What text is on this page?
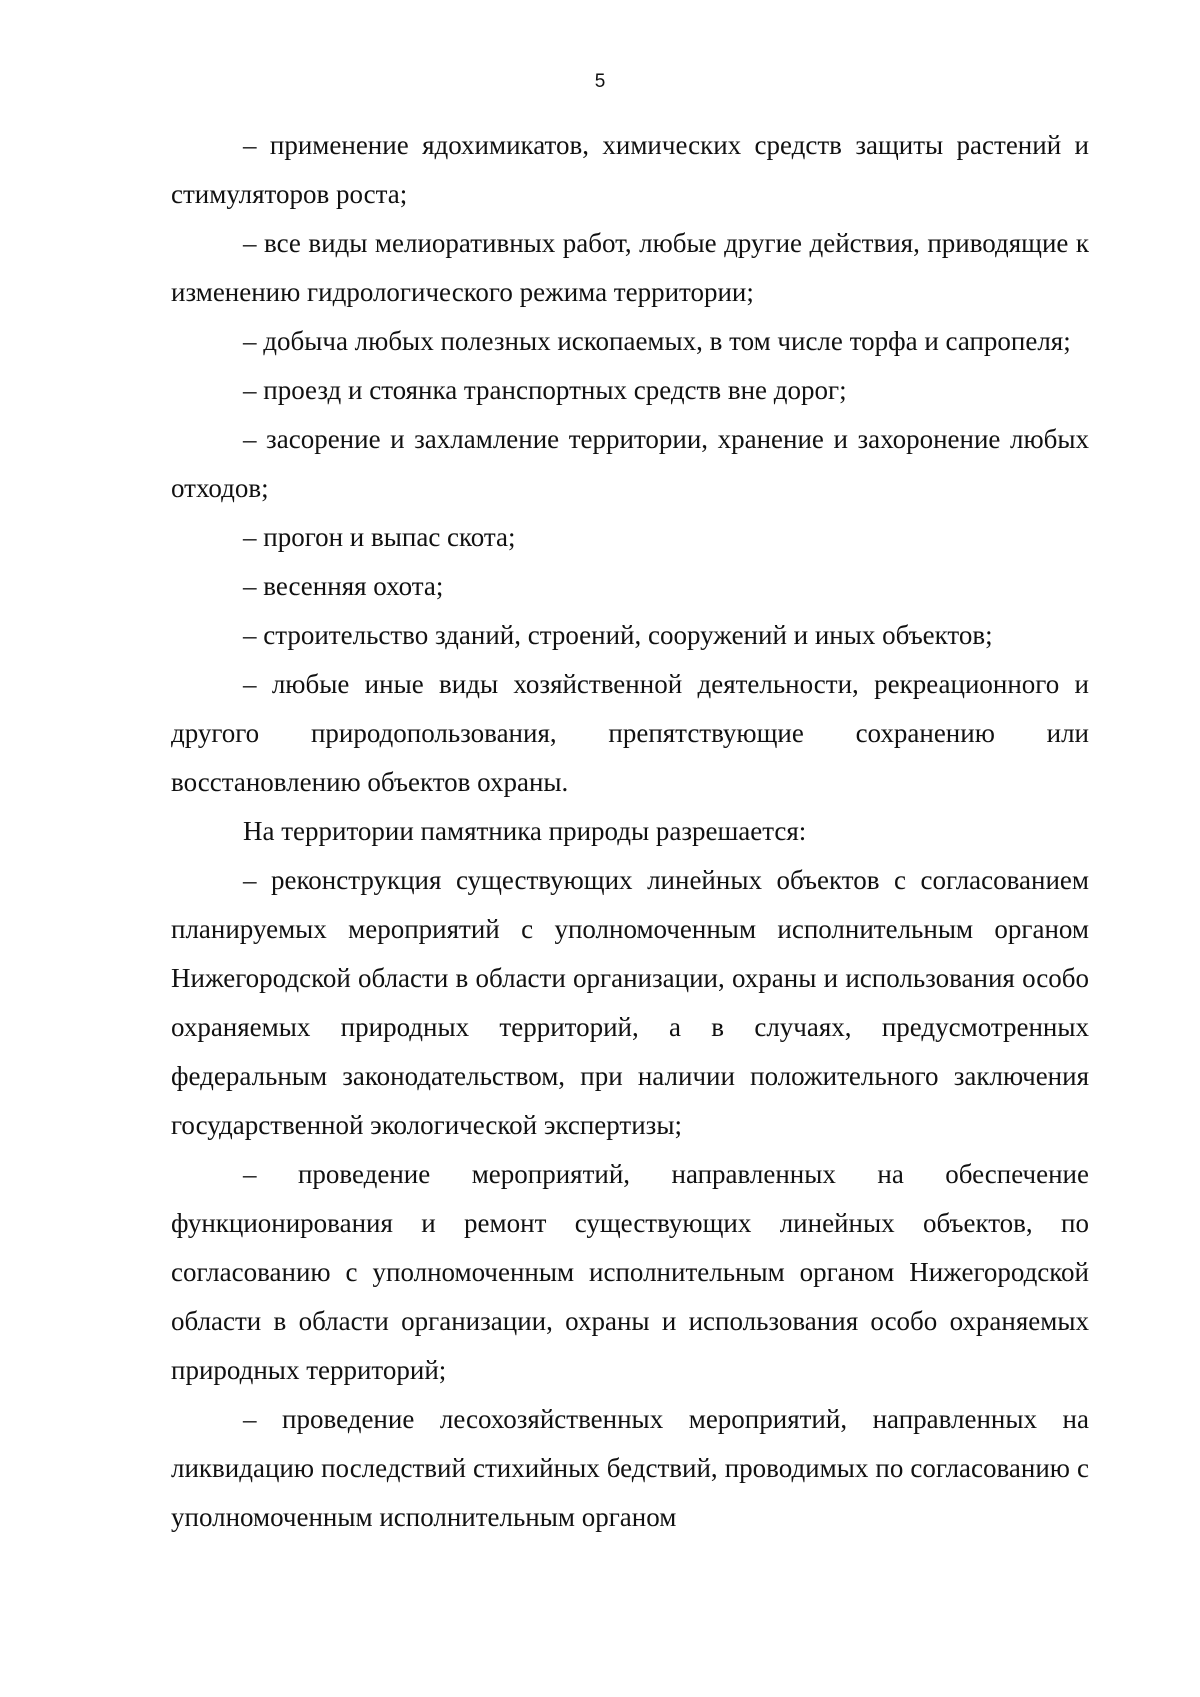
5

– применение ядохимикатов, химических средств защиты растений и стимуляторов роста;

– все виды мелиоративных работ, любые другие действия, приводящие к изменению гидрологического режима территории;

– добыча любых полезных ископаемых, в том числе торфа и сапропеля;

– проезд и стоянка транспортных средств вне дорог;

– засорение и захламление территории, хранение и захоронение любых отходов;

– прогон и выпас скота;

– весенняя охота;

– строительство зданий, строений, сооружений и иных объектов;

– любые иные виды хозяйственной деятельности, рекреационного и другого природопользования, препятствующие сохранению или восстановлению объектов охраны.

На территории памятника природы разрешается:

– реконструкция существующих линейных объектов с согласованием планируемых мероприятий с уполномоченным исполнительным органом Нижегородской области в области организации, охраны и использования особо охраняемых природных территорий, а в случаях, предусмотренных федеральным законодательством, при наличии положительного заключения государственной экологической экспертизы;

– проведение мероприятий, направленных на обеспечение функционирования и ремонт существующих линейных объектов, по согласованию с уполномоченным исполнительным органом Нижегородской области в области организации, охраны и использования особо охраняемых природных территорий;

– проведение лесохозяйственных мероприятий, направленных на ликвидацию последствий стихийных бедствий, проводимых по согласованию с уполномоченным исполнительным органом
